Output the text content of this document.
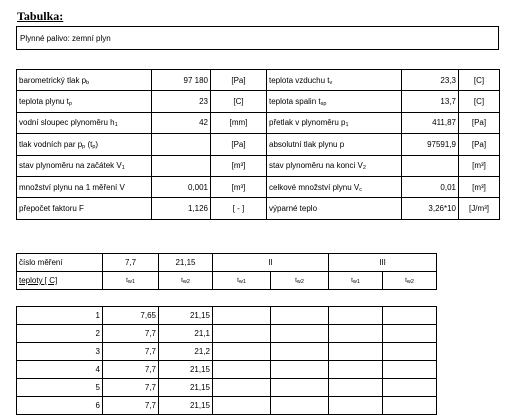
Tabulka:
Plynné palivo: zemní plyn
barometrický tlak $p_b$	97 180	[Pa]	teplota vzduchu $t_v$	23,3	[C]
teplota plynu $t_p$	23	[C]	teplota spalin $t_{sp}$	13,7	[C]
vodní sloupec plynoměru $h_1$	42	[mm]	přetlak v plynoměru $p_1$	411,87	[Pa]
tlak vodních par $p_p$ $(t_p)$		[Pa]	absolutní tlak plynu p	97591,9	[Pa]
stav plynoměru na začátek $V_1$		[m³]	stav plynoměru na konci $V_2$		[m³]
množství plynu na 1 měření V	0,001	[m³]	celkové množství plynu $V_c$	0,01	[m³]
přepočet faktoru F	1,126	[ - ]	výparné teplo	3,26*10	[J/m³]
číslo měření	7,7	21,15	II		III	
teploty [ C]	$t_{w1}$	$t_{w2}$	$t_{w1}$	$t_{w2}$	$t_{w1}$	$t_{w2}$
1	7,65	21,15				
2	7,7	21,1				
3	7,7	21,2				
4	7,7	21,15				
5	7,7	21,15				
6	7,7	21,15				
